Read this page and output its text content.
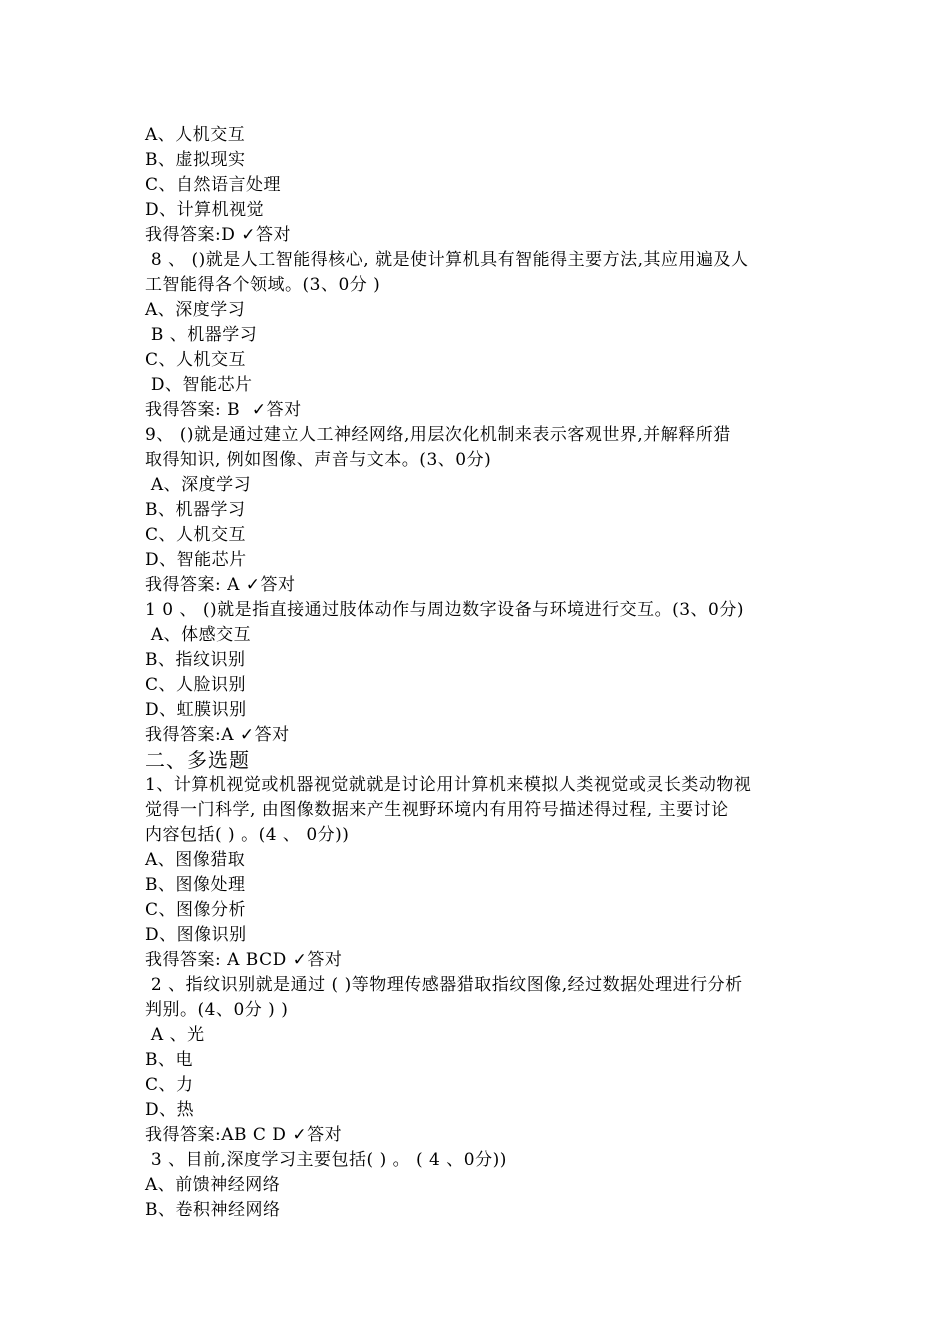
A、人机交互
B、虚拟现实
C、自然语言处理
D、计算机视觉
我得答案:D ✓答对
8 、 ()就是人工智能得核心, 就是使计算机具有智能得主要方法,其应用遍及人
工智能得各个领域。(3、0分 )
A、深度学习
B 、机器学习
C、人机交互
D、智能芯片
我得答案: B  ✓答对
9、 ()就是通过建立人工神经网络,用层次化机制来表示客观世界,并解释所猎
取得知识, 例如图像、声音与文本。(3、0分)
A、深度学习
B、机器学习
C、人机交互
D、智能芯片
我得答案: A ✓答对
1 0 、 ()就是指直接通过肢体动作与周边数字设备与环境进行交互。(3、0分)
A、体感交互
B、指纹识别
C、人脸识别
D、虹膜识别
我得答案:A ✓答对
二、多选题
1、计算机视觉或机器视觉就就是讨论用计算机来模拟人类视觉或灵长类动物视
觉得一门科学, 由图像数据来产生视野环境内有用符号描述得过程, 主要讨论
内容包括( ) 。(4 、 0分))
A、图像猎取
B、图像处理
C、图像分析
D、图像识别
我得答案: A BCD ✓答对
2 、指纹识别就是通过 ( )等物理传感器猎取指纹图像,经过数据处理进行分析
判别。(4、0分 ) )
A 、光
B、电
C、力
D、热
我得答案:AB C D ✓答对
3 、目前,深度学习主要包括( ) 。 ( 4 、0分))
A、前馈神经网络
B、卷积神经网络
